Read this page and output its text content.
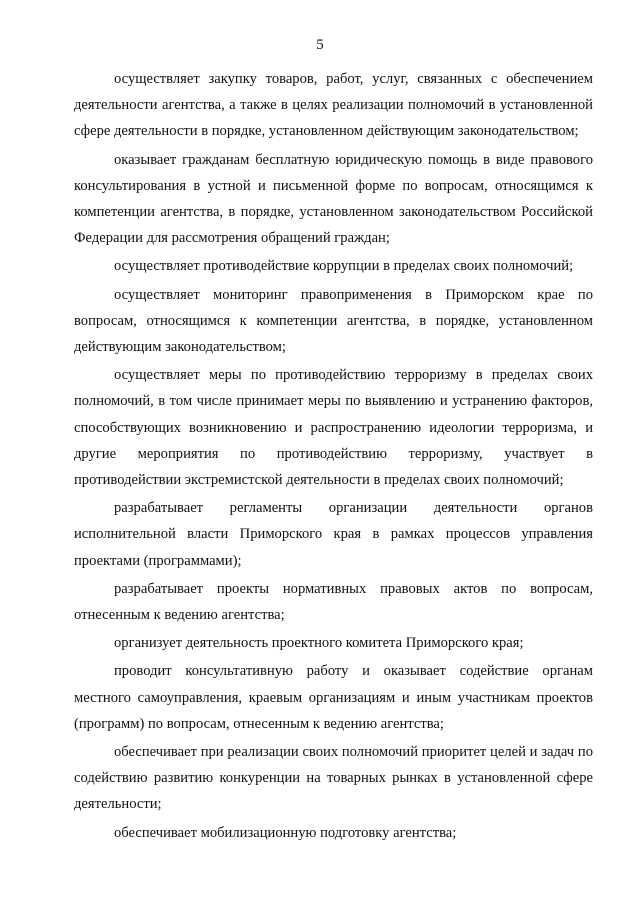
5

осуществляет закупку товаров, работ, услуг, связанных с обеспечением деятельности агентства, а также в целях реализации полномочий в установленной сфере деятельности в порядке, установленном действующим законодательством;

оказывает гражданам бесплатную юридическую помощь в виде правового консультирования в устной и письменной форме по вопросам, относящимся к компетенции агентства, в порядке, установленном законодательством Российской Федерации для рассмотрения обращений граждан;

осуществляет противодействие коррупции в пределах своих полномочий;

осуществляет мониторинг правоприменения в Приморском крае по вопросам, относящимся к компетенции агентства, в порядке, установленном действующим законодательством;

осуществляет меры по противодействию терроризму в пределах своих полномочий, в том числе принимает меры по выявлению и устранению факторов, способствующих возникновению и распространению идеологии терроризма, и другие мероприятия по противодействию терроризму, участвует в противодействии экстремистской деятельности в пределах своих полномочий;

разрабатывает регламенты организации деятельности органов исполнительной власти Приморского края в рамках процессов управления проектами (программами);

разрабатывает проекты нормативных правовых актов по вопросам, отнесенным к ведению агентства;

организует деятельность проектного комитета Приморского края;

проводит консультативную работу и оказывает содействие органам местного самоуправления, краевым организациям и иным участникам проектов (программ) по вопросам, отнесенным к ведению агентства;

обеспечивает при реализации своих полномочий приоритет целей и задач по содействию развитию конкуренции на товарных рынках в установленной сфере деятельности;

обеспечивает мобилизационную подготовку агентства;
